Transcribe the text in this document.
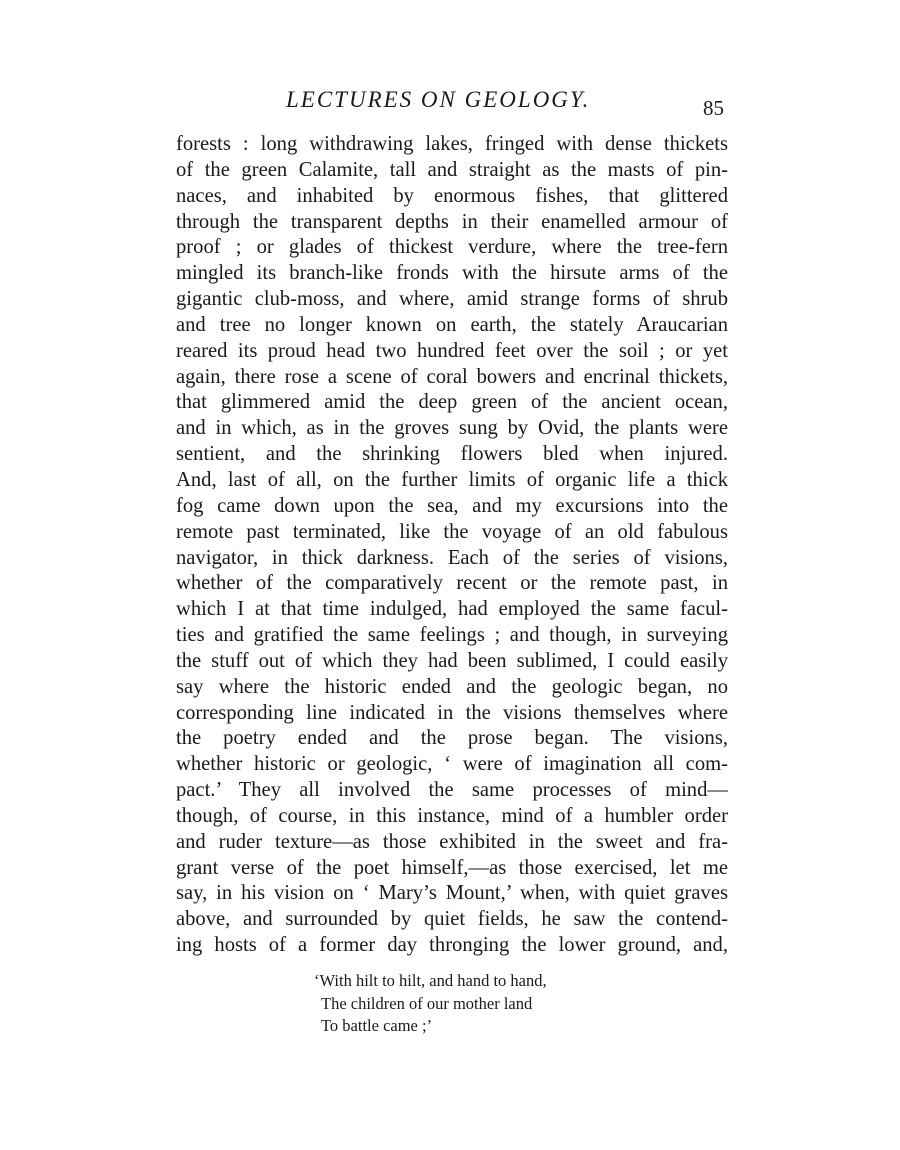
LECTURES ON GEOLOGY.	85
forests : long withdrawing lakes, fringed with dense thickets
of the green Calamite, tall and straight as the masts of pin-
naces, and inhabited by enormous fishes, that glittered
through the transparent depths in their enamelled armour of
proof ; or glades of thickest verdure, where the tree-fern
mingled its branch-like fronds with the hirsute arms of the
gigantic club-moss, and where, amid strange forms of shrub
and tree no longer known on earth, the stately Araucarian
reared its proud head two hundred feet over the soil ; or yet
again, there rose a scene of coral bowers and encrinal thickets,
that glimmered amid the deep green of the ancient ocean,
and in which, as in the groves sung by Ovid, the plants were
sentient, and the shrinking flowers bled when injured.
And, last of all, on the further limits of organic life a thick
fog came down upon the sea, and my excursions into the
remote past terminated, like the voyage of an old fabulous
navigator, in thick darkness. Each of the series of visions,
whether of the comparatively recent or the remote past, in
which I at that time indulged, had employed the same facul-
ties and gratified the same feelings ; and though, in surveying
the stuff out of which they had been sublimed, I could easily
say where the historic ended and the geologic began, no
corresponding line indicated in the visions themselves where
the poetry ended and the prose began. The visions,
whether historic or geologic, ‘ were of imagination all com-
pact.’ They all involved the same processes of mind—
though, of course, in this instance, mind of a humbler order
and ruder texture—as those exhibited in the sweet and fra-
grant verse of the poet himself,—as those exercised, let me
say, in his vision on ‘ Mary’s Mount,’ when, with quiet graves
above, and surrounded by quiet fields, he saw the contend-
ing hosts of a former day thronging the lower ground, and,
‘With hilt to hilt, and hand to hand,
The children of our mother land
To battle came ;’
